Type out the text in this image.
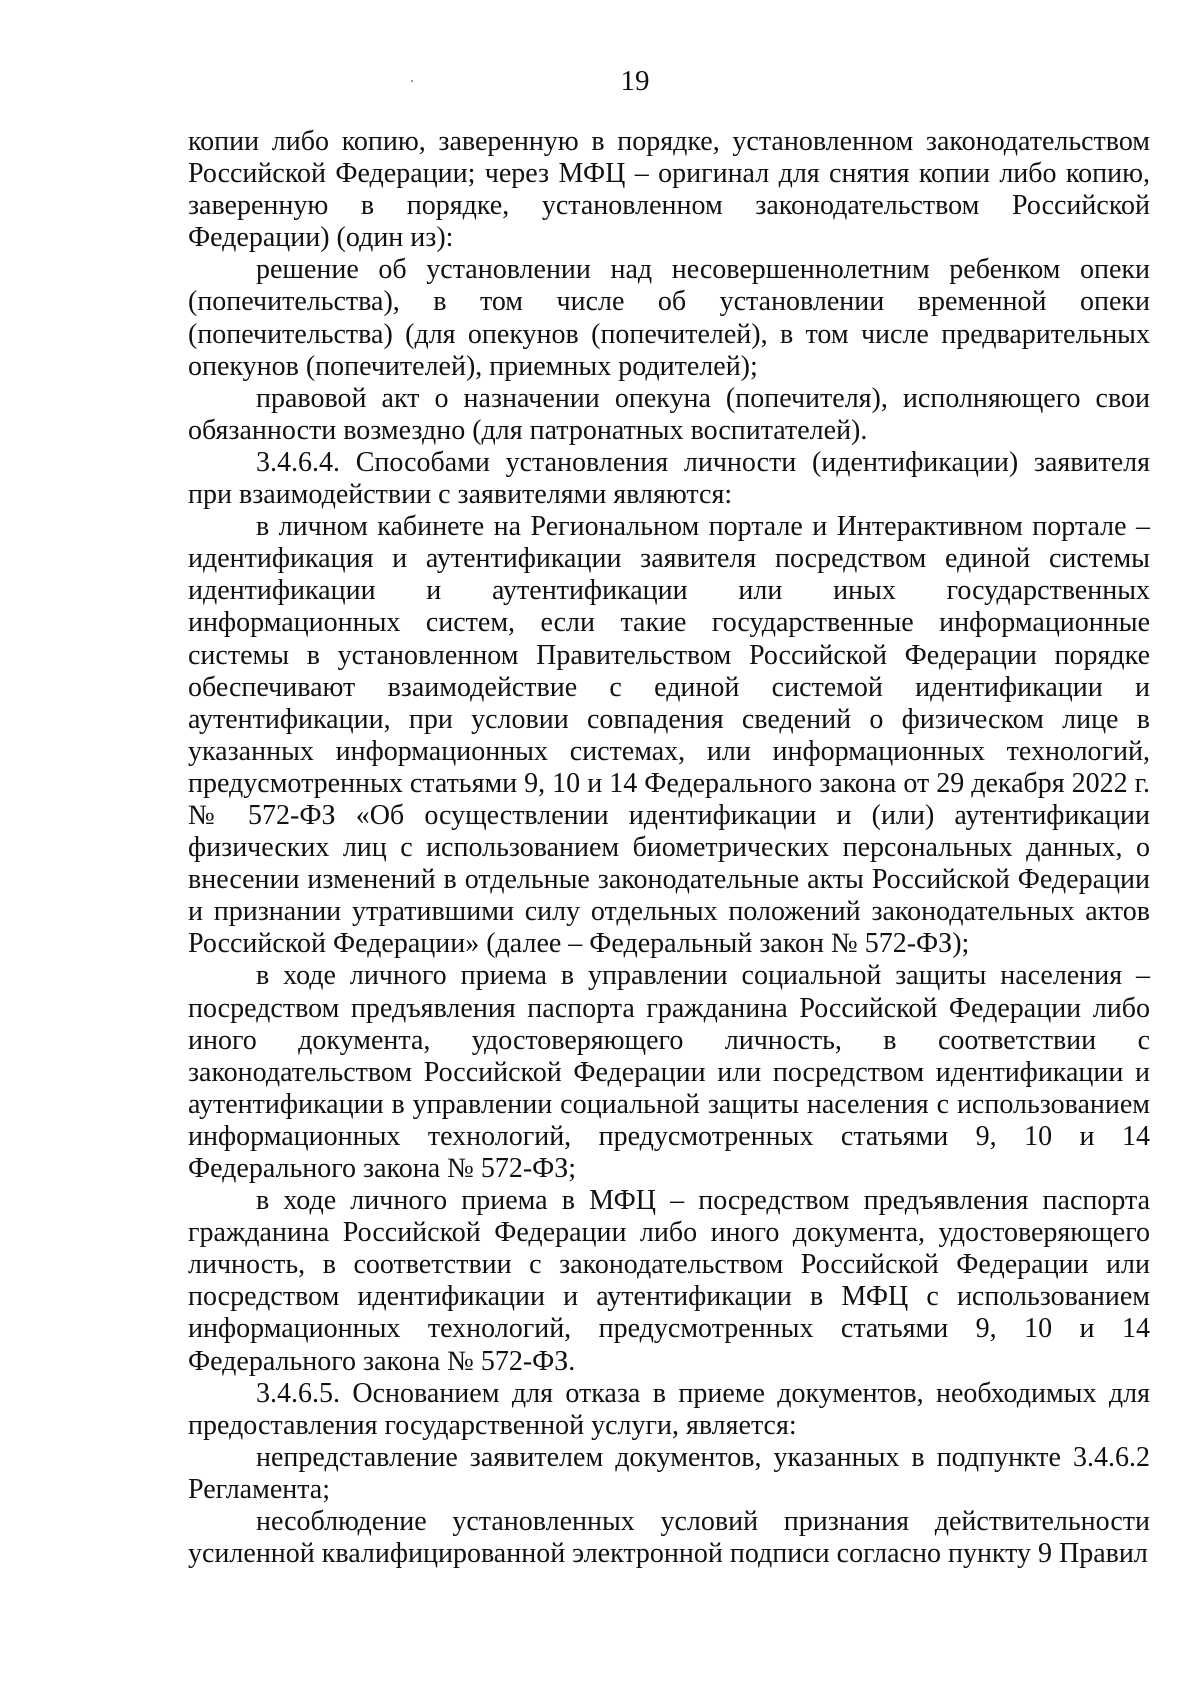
19

копии либо копию, заверенную в порядке, установленном законодательством Российской Федерации; через МФЦ – оригинал для снятия копии либо копию, заверенную в порядке, установленном законодательством Российской Федерации) (один из):

решение об установлении над несовершеннолетним ребенком опеки (попечительства), в том числе об установлении временной опеки (попечительства) (для опекунов (попечителей), в том числе предварительных опекунов (попечителей), приемных родителей);

правовой акт о назначении опекуна (попечителя), исполняющего свои обязанности возмездно (для патронатных воспитателей).

3.4.6.4. Способами установления личности (идентификации) заявителя при взаимодействии с заявителями являются:

в личном кабинете на Региональном портале и Интерактивном портале – идентификация и аутентификации заявителя посредством единой системы идентификации и аутентификации или иных государственных информационных систем, если такие государственные информационные системы в установленном Правительством Российской Федерации порядке обеспечивают взаимодействие с единой системой идентификации и аутентификации, при условии совпадения сведений о физическом лице в указанных информационных системах, или информационных технологий, предусмотренных статьями 9, 10 и 14 Федерального закона от 29 декабря 2022 г. № 572-ФЗ «Об осуществлении идентификации и (или) аутентификации физических лиц с использованием биометрических персональных данных, о внесении изменений в отдельные законодательные акты Российской Федерации и признании утратившими силу отдельных положений законодательных актов Российской Федерации» (далее – Федеральный закон № 572-ФЗ);

в ходе личного приема в управлении социальной защиты населения – посредством предъявления паспорта гражданина Российской Федерации либо иного документа, удостоверяющего личность, в соответствии с законодательством Российской Федерации или посредством идентификации и аутентификации в управлении социальной защиты населения с использованием информационных технологий, предусмотренных статьями 9, 10 и 14 Федерального закона № 572-ФЗ;

в ходе личного приема в МФЦ – посредством предъявления паспорта гражданина Российской Федерации либо иного документа, удостоверяющего личность, в соответствии с законодательством Российской Федерации или посредством идентификации и аутентификации в МФЦ с использованием информационных технологий, предусмотренных статьями 9, 10 и 14 Федерального закона № 572-ФЗ.

3.4.6.5. Основанием для отказа в приеме документов, необходимых для предоставления государственной услуги, является:

непредставление заявителем документов, указанных в подпункте 3.4.6.2 Регламента;

несоблюдение установленных условий признания действительности усиленной квалифицированной электронной подписи согласно пункту 9 Правил
